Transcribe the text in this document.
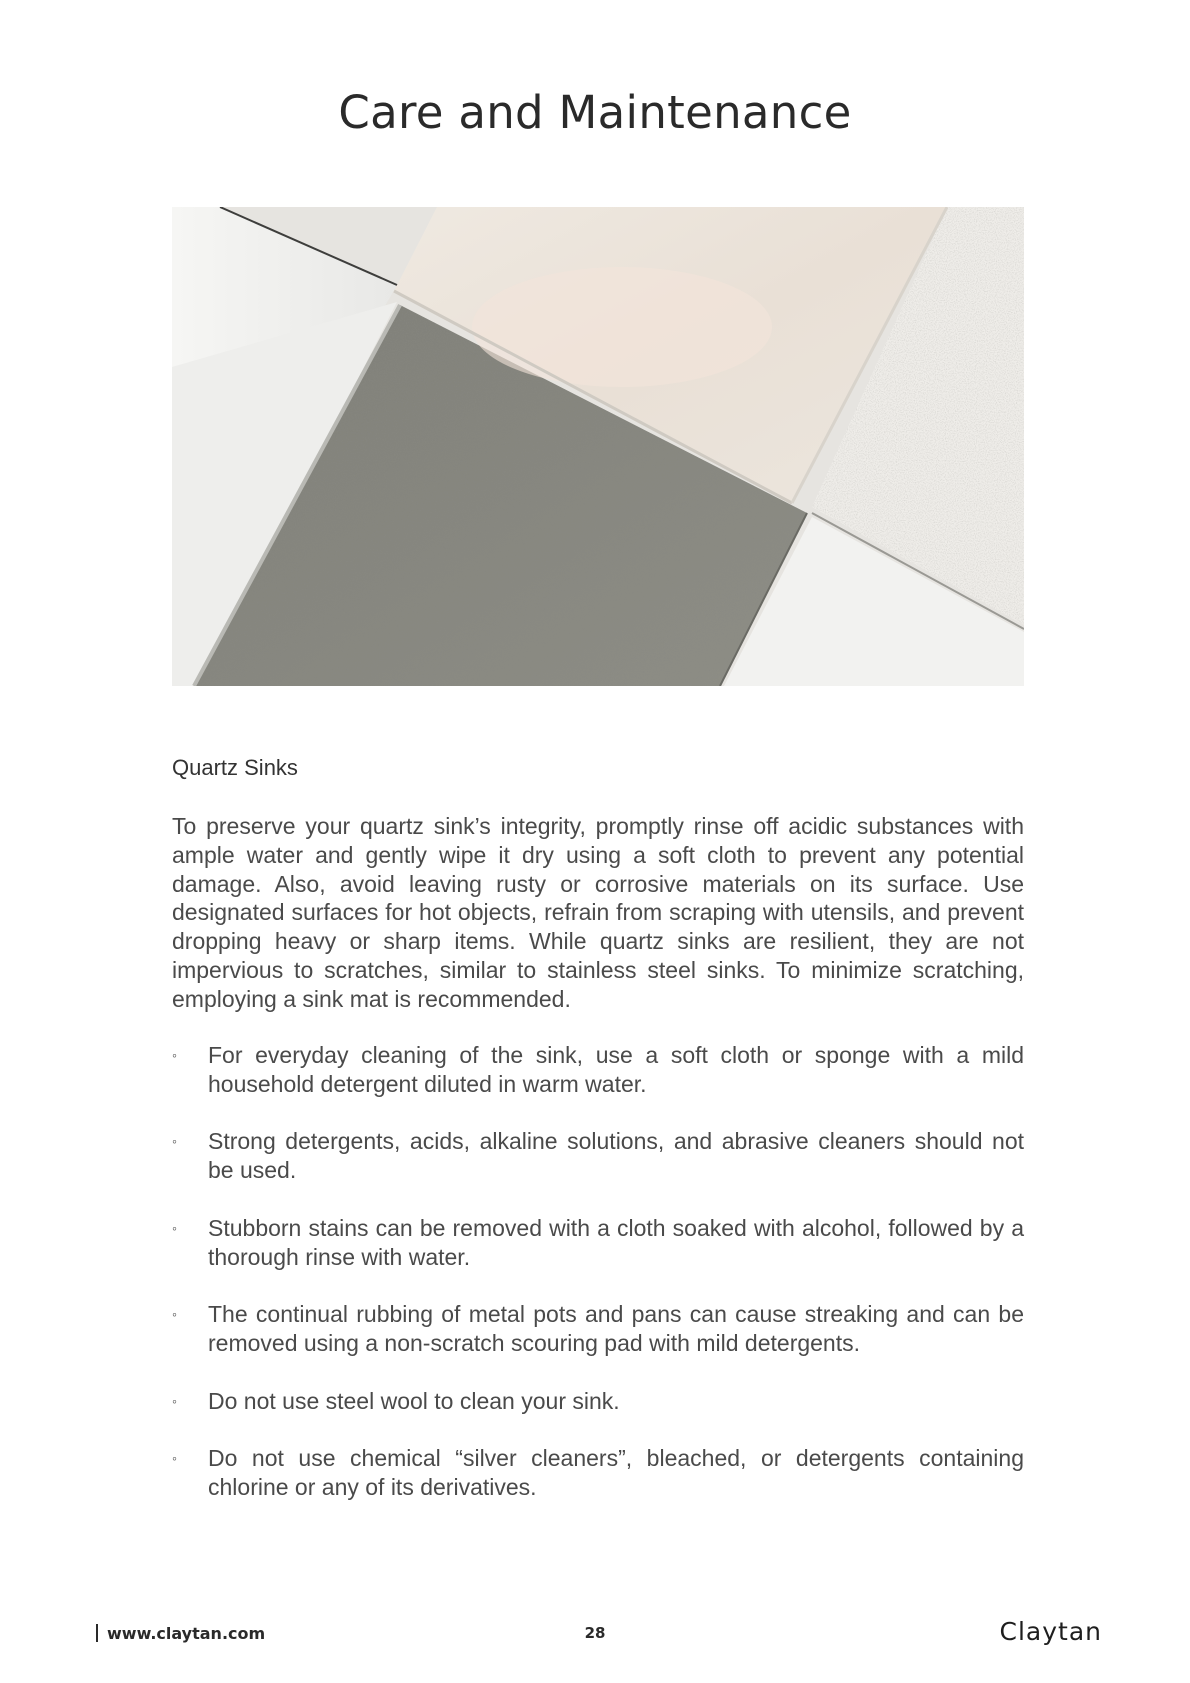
Care and Maintenance
Quartz Sinks

To preserve your quartz sink’s integrity, promptly rinse off acidic substances with ample water and gently wipe it dry using a soft cloth to prevent any potential damage. Also, avoid leaving rusty or corrosive materials on its surface. Use designated surfaces for hot objects, refrain from scraping with utensils, and prevent dropping heavy or sharp items. While quartz sinks are resilient, they are not impervious to scratches, similar to stainless steel sinks. To minimize scratching, employing a sink mat is recommended.

◦	For everyday cleaning of the sink, use a soft cloth or sponge with a mild household detergent diluted in warm water.
◦	Strong detergents, acids, alkaline solutions, and abrasive cleaners should not be used.
◦	Stubborn stains can be removed with a cloth soaked with alcohol, followed by a thorough rinse with water.
◦	The continual rubbing of metal pots and pans can cause streaking and can be removed using a non-scratch scouring pad with mild detergents.
◦	Do not use steel wool to clean your sink.
◦	Do not use chemical “silver cleaners”, bleached, or detergents containing chlorine or any of its derivatives.
www.claytan.com	28	Claytan
